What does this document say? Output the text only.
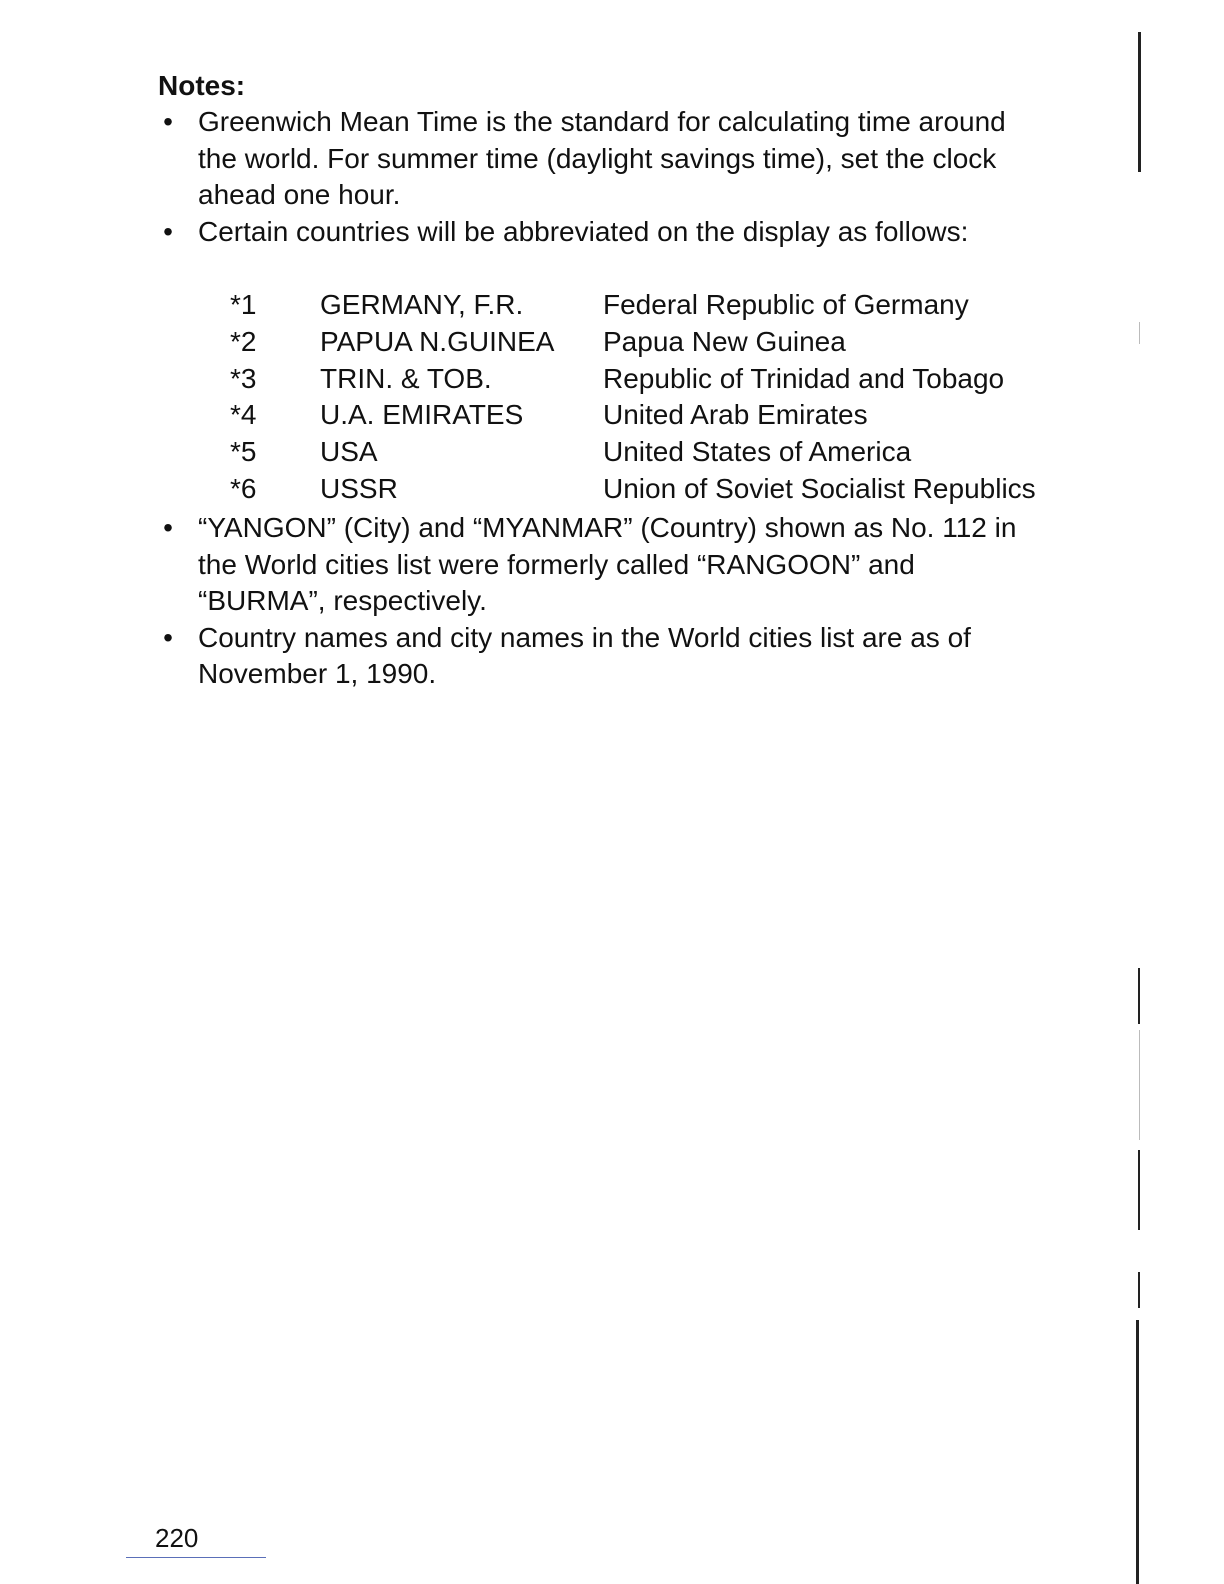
Notes:
• Greenwich Mean Time is the standard for calculating time around
the world. For summer time (daylight savings time), set the clock
ahead one hour.
• Certain countries will be abbreviated on the display as follows:
*1	GERMANY, F.R.	Federal Republic of Germany
*2	PAPUA N.GUINEA	Papua New Guinea
*3	TRIN. & TOB.	Republic of Trinidad and Tobago
*4	U.A. EMIRATES	United Arab Emirates
*5	USA	United States of America
*6	USSR	Union of Soviet Socialist Republics
• “YANGON” (City) and “MYANMAR” (Country) shown as No. 112 in
the World cities list were formerly called “RANGOON” and
“BURMA”, respectively.
• Country names and city names in the World cities list are as of
November 1, 1990.
220
